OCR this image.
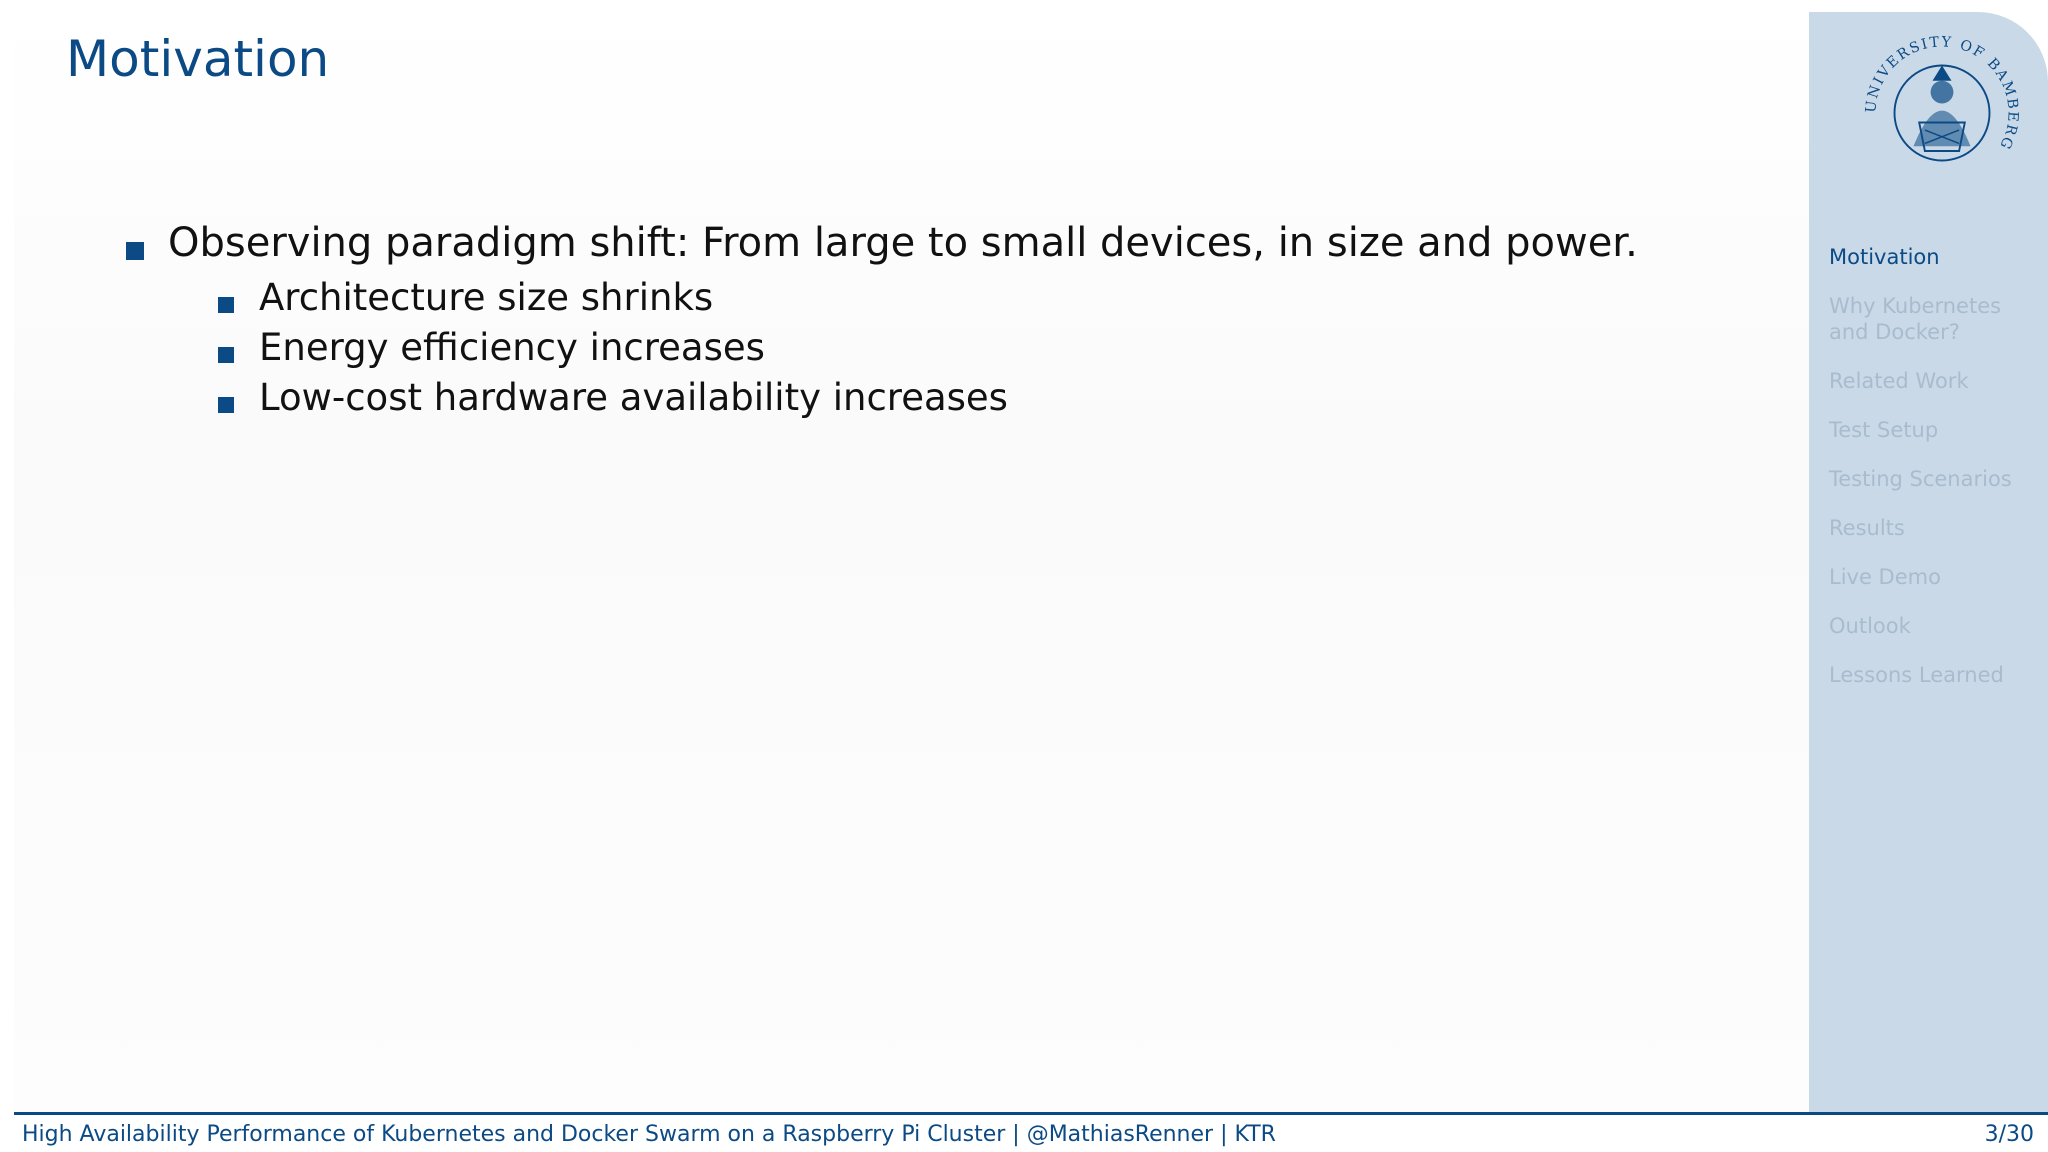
Motivation
Observing paradigm shift: From large to small devices, in size and power.
Architecture size shrinks
Energy efficiency increases
Low-cost hardware availability increases
UNIVERSITY OF BAMBERG
Motivation
Why Kubernetes and Docker?
Related Work
Test Setup
Testing Scenarios
Results
Live Demo
Outlook
Lessons Learned
High Availability Performance of Kubernetes and Docker Swarm on a Raspberry Pi Cluster | @MathiasRenner | KTR	3/30
